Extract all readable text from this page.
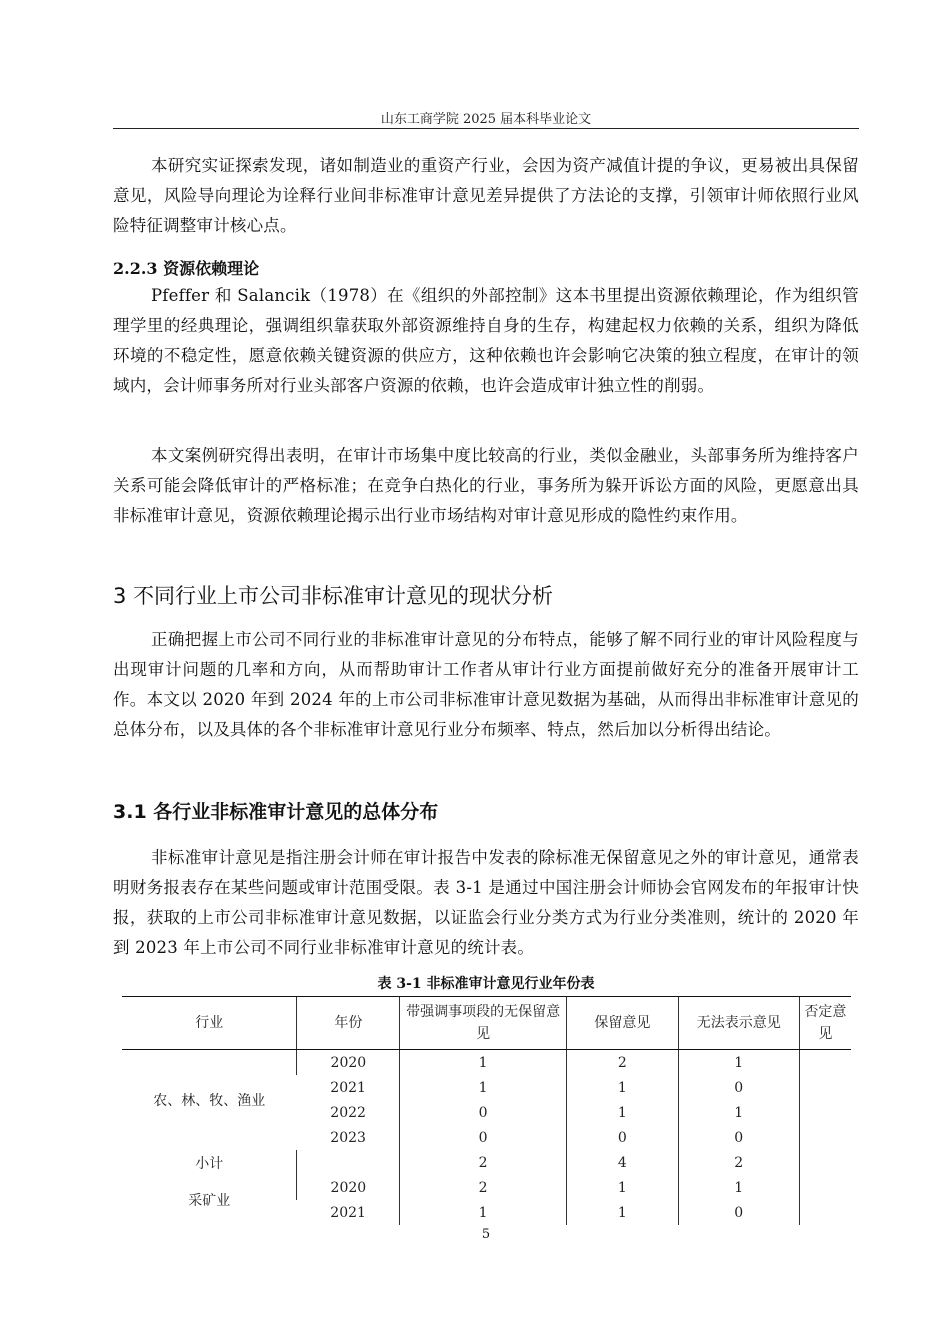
山东工商学院 2025 届本科毕业论文
本研究实证探索发现，诸如制造业的重资产行业，会因为资产减值计提的争议，更易被出具保留意见，风险导向理论为诠释行业间非标准审计意见差异提供了方法论的支撑，引领审计师依照行业风险特征调整审计核心点。
2.2.3 资源依赖理论
Pfeffer 和 Salancik（1978）在《组织的外部控制》这本书里提出资源依赖理论，作为组织管理学里的经典理论，强调组织靠获取外部资源维持自身的生存，构建起权力依赖的关系，组织为降低环境的不稳定性，愿意依赖关键资源的供应方，这种依赖也许会影响它决策的独立程度，在审计的领域内，会计师事务所对行业头部客户资源的依赖，也许会造成审计独立性的削弱。
本文案例研究得出表明，在审计市场集中度比较高的行业，类似金融业，头部事务所为维持客户关系可能会降低审计的严格标准；在竞争白热化的行业，事务所为躲开诉讼方面的风险，更愿意出具非标准审计意见，资源依赖理论揭示出行业市场结构对审计意见形成的隐性约束作用。
3 不同行业上市公司非标准审计意见的现状分析
正确把握上市公司不同行业的非标准审计意见的分布特点，能够了解不同行业的审计风险程度与出现审计问题的几率和方向，从而帮助审计工作者从审计行业方面提前做好充分的准备开展审计工作。本文以 2020 年到 2024 年的上市公司非标准审计意见数据为基础，从而得出非标准审计意见的总体分布，以及具体的各个非标准审计意见行业分布频率、特点，然后加以分析得出结论。
3.1 各行业非标准审计意见的总体分布
非标准审计意见是指注册会计师在审计报告中发表的除标准无保留意见之外的审计意见，通常表明财务报表存在某些问题或审计范围受限。表 3-1 是通过中国注册会计师协会官网发布的年报审计快报，获取的上市公司非标准审计意见数据，以证监会行业分类方式为行业分类准则，统计的 2020 年到 2023 年上市公司不同行业非标准审计意见的统计表。
表 3-1 非标准审计意见行业年份表
行业	年份	带强调事项段的无保留意见	保留意见	无法表示意见	否定意见
农、林、牧、渔业	2020	1	2	1	
	2021	1	1	0	
	2022	0	1	1	
	2023	0	0	0	
小计		2	4	2	
采矿业	2020	2	1	1	
	2021	1	1	0	
5
